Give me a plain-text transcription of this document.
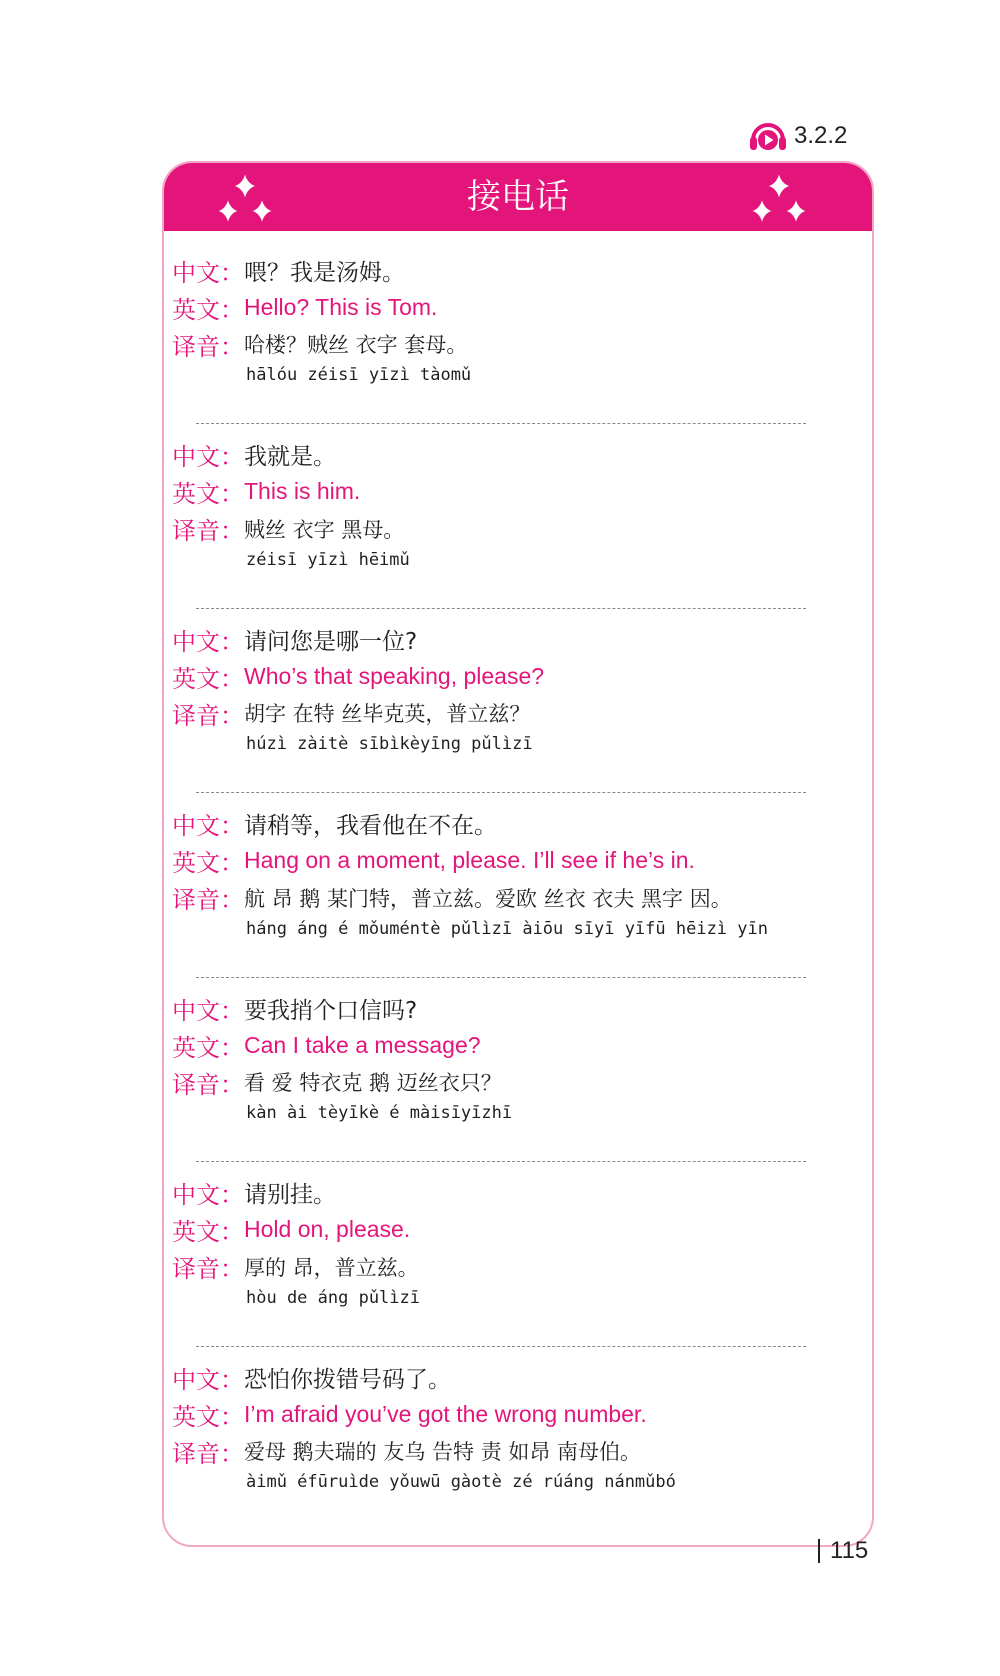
3.2.2
接电话
中文： 喂？我是汤姆。
英文： Hello? This is Tom.
译音： 哈楼？贼丝 衣字 套母。
hālóu zéisī yīzì tàomǔ
中文： 我就是。
英文： This is him.
译音： 贼丝 衣字 黑母。
zéisī yīzì hēimǔ
中文： 请问您是哪一位?
英文： Who’s that speaking, please?
译音： 胡字 在特 丝毕克英，普立兹？
húzì zàitè sībìkèyīng pǔlìzī
中文： 请稍等，我看他在不在。
英文： Hang on a moment, please. I’ll see if he’s in.
译音： 航 昂 鹅 某门特，普立兹。爱欧 丝衣 衣夫 黑字 因。
háng áng é mǒuméntè pǔlìzī àiōu sīyī yīfū hēizì yīn
中文： 要我捎个口信吗?
英文： Can I take a message?
译音： 看 爱 特衣克 鹅 迈丝衣只？
kàn ài tèyīkè é màisīyīzhī
中文： 请别挂。
英文： Hold on, please.
译音： 厚的 昂，普立兹。
hòu de áng pǔlìzī
中文： 恐怕你拨错号码了。
英文： I’m afraid you’ve got the wrong number.
译音： 爱母 鹅夫瑞的 友乌 告特 责 如昂 南母伯。
àimǔ éfūruìde yǒuwū gàotè zé rúáng nánmǔbó
115
